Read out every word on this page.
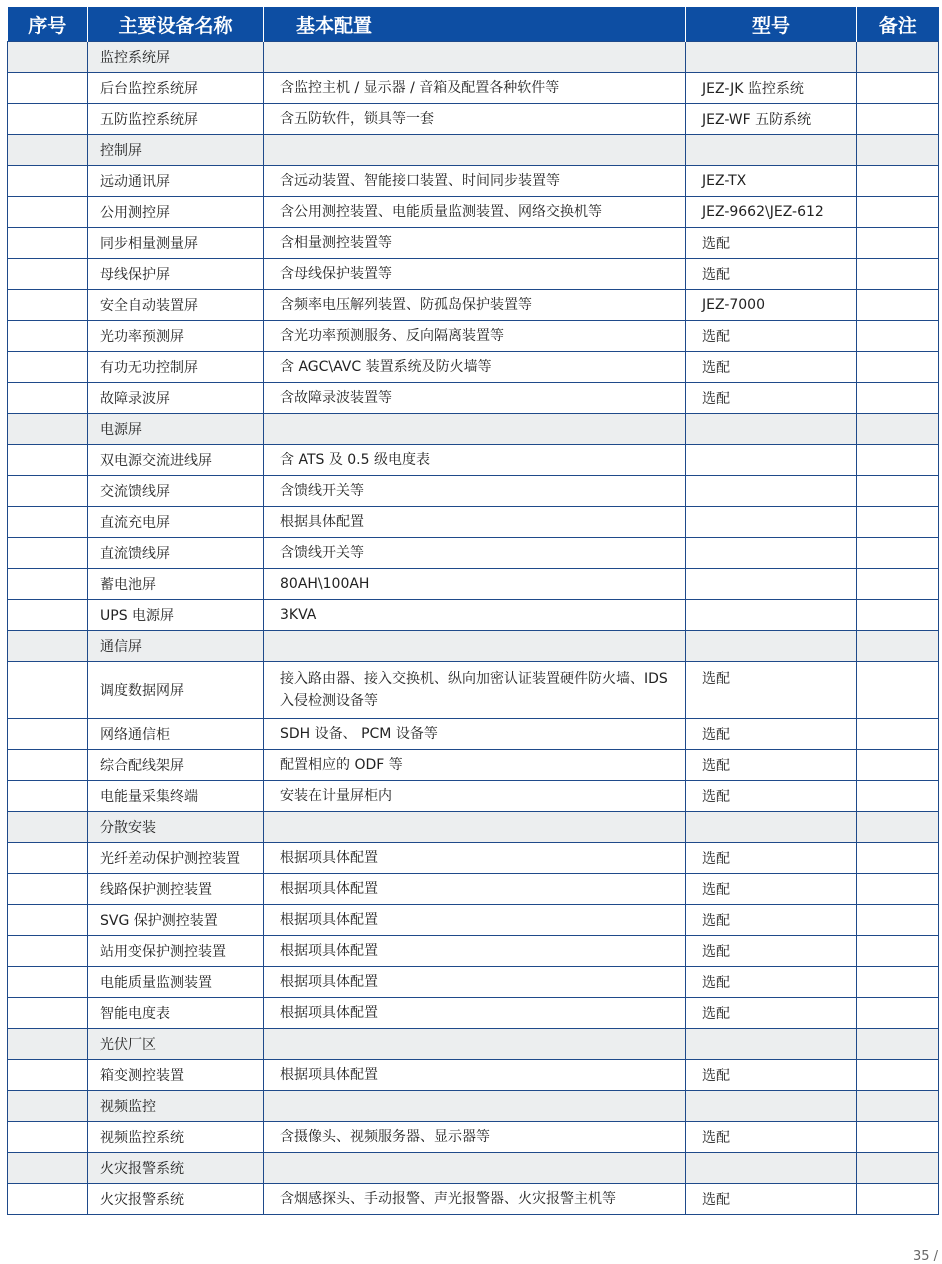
序号	主要设备名称	基本配置	型号	备注
	监控系统屏			
	后台监控系统屏	含监控主机 / 显示器 / 音箱及配置各种软件等	JEZ-JK 监控系统	
	五防监控系统屏	含五防软件，锁具等一套	JEZ-WF 五防系统	
	控制屏			
	远动通讯屏	含远动装置、智能接口装置、时间同步装置等	JEZ-TX	
	公用测控屏	含公用测控装置、电能质量监测装置、网络交换机等	JEZ-9662\JEZ-612	
	同步相量测量屏	含相量测控装置等	选配	
	母线保护屏	含母线保护装置等	选配	
	安全自动装置屏	含频率电压解列装置、防孤岛保护装置等	JEZ-7000	
	光功率预测屏	含光功率预测服务、反向隔离装置等	选配	
	有功无功控制屏	含 AGC\AVC 装置系统及防火墙等	选配	
	故障录波屏	含故障录波装置等	选配	
	电源屏			
	双电源交流进线屏	含 ATS 及 0.5 级电度表		
	交流馈线屏	含馈线开关等		
	直流充电屏	根据具体配置		
	直流馈线屏	含馈线开关等		
	蓄电池屏	80AH\100AH		
	UPS 电源屏	3KVA		
	通信屏			
	调度数据网屏	接入路由器、接入交换机、纵向加密认证装置硬件防火墙、IDS 入侵检测设备等	选配	
	网络通信柜	SDH 设备、 PCM 设备等	选配	
	综合配线架屏	配置相应的 ODF 等	选配	
	电能量采集终端	安装在计量屏柜内	选配	
	分散安装			
	光纤差动保护测控装置	根据项具体配置	选配	
	线路保护测控装置	根据项具体配置	选配	
	SVG 保护测控装置	根据项具体配置	选配	
	站用变保护测控装置	根据项具体配置	选配	
	电能质量监测装置	根据项具体配置	选配	
	智能电度表	根据项具体配置	选配	
	光伏厂区			
	箱变测控装置	根据项具体配置	选配	
	视频监控			
	视频监控系统	含摄像头、视频服务器、显示器等	选配	
	火灾报警系统			
	火灾报警系统	含烟感探头、手动报警、声光报警器、火灾报警主机等	选配	
35 /
